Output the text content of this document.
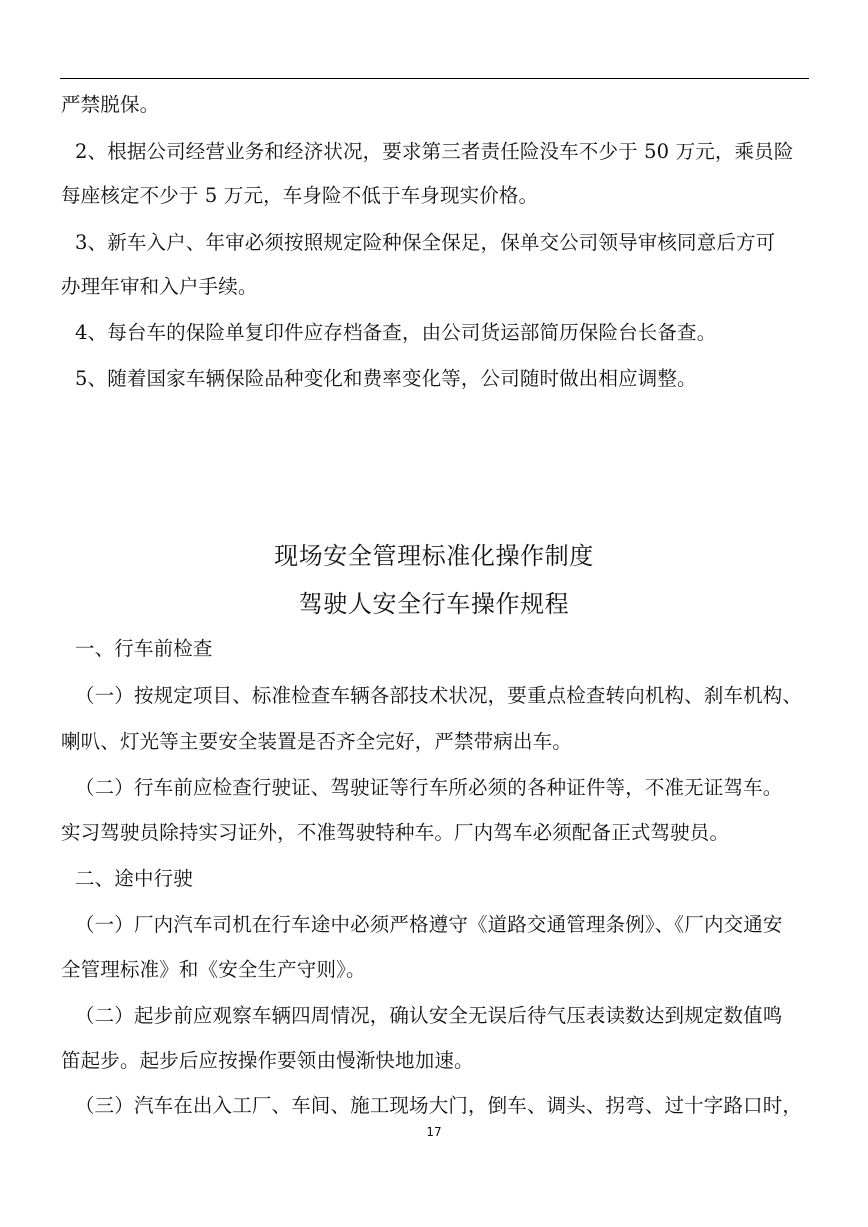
严禁脱保。
2、根据公司经营业务和经济状况，要求第三者责任险没车不少于 50 万元，乘员险
每座核定不少于 5 万元，车身险不低于车身现实价格。
3、新车入户、年审必须按照规定险种保全保足，保单交公司领导审核同意后方可
办理年审和入户手续。
4、每台车的保险单复印件应存档备查，由公司货运部简历保险台长备查。
5、随着国家车辆保险品种变化和费率变化等，公司随时做出相应调整。
现场安全管理标准化操作制度
驾驶人安全行车操作规程
一、行车前检查
（一）按规定项目、标准检查车辆各部技术状况，要重点检查转向机构、刹车机构、
喇叭、灯光等主要安全装置是否齐全完好，严禁带病出车。
（二）行车前应检查行驶证、驾驶证等行车所必须的各种证件等，不准无证驾车。
实习驾驶员除持实习证外，不准驾驶特种车。厂内驾车必须配备正式驾驶员。
二、途中行驶
（一）厂内汽车司机在行车途中必须严格遵守《道路交通管理条例》、《厂内交通安
全管理标准》和《安全生产守则》。
（二）起步前应观察车辆四周情况，确认安全无误后待气压表读数达到规定数值鸣
笛起步。起步后应按操作要领由慢渐快地加速。
（三）汽车在出入工厂、车间、施工现场大门，倒车、调头、拐弯、过十字路口时，
17
